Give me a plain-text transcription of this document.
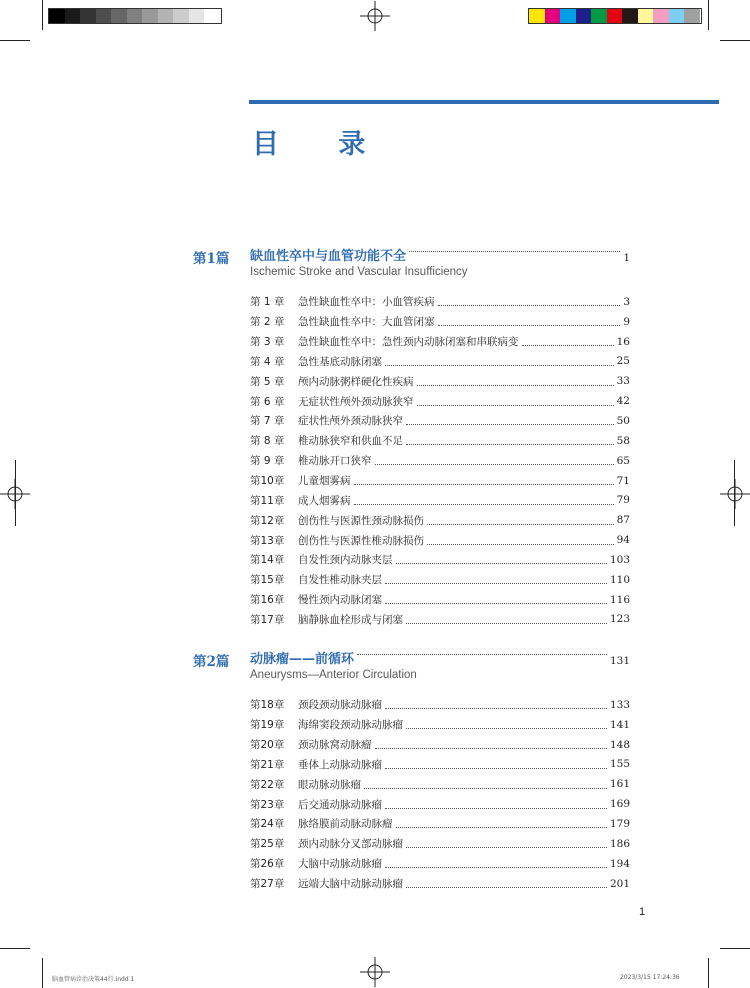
目 录
第1篇 缺血性卒中与血管功能不全	1
Ischemic Stroke and Vascular Insufficiency
第 1 章	急性缺血性卒中：小血管疾病	3
第 2 章	急性缺血性卒中：大血管闭塞	9
第 3 章	急性缺血性卒中：急性颈内动脉闭塞和串联病变	16
第 4 章	急性基底动脉闭塞	25
第 5 章	颅内动脉粥样硬化性疾病	33
第 6 章	无症状性颅外颈动脉狭窄	42
第 7 章	症状性颅外颈动脉狭窄	50
第 8 章	椎动脉狭窄和供血不足	58
第 9 章	椎动脉开口狭窄	65
第10章	儿童烟雾病	71
第11章	成人烟雾病	79
第12章	创伤性与医源性颈动脉损伤	87
第13章	创伤性与医源性椎动脉损伤	94
第14章	自发性颈内动脉夹层	103
第15章	自发性椎动脉夹层	110
第16章	慢性颈内动脉闭塞	116
第17章	脑静脉血栓形成与闭塞	123
第2篇 动脉瘤——前循环	131
Aneurysms—Anterior Circulation
第18章	颈段颈动脉动脉瘤	133
第19章	海绵窦段颈动脉动脉瘤	141
第20章	颈动脉窝动脉瘤	148
第21章	垂体上动脉动脉瘤	155
第22章	眼动脉动脉瘤	161
第23章	后交通动脉动脉瘤	169
第24章	脉络膜前动脉动脉瘤	179
第25章	颈内动脉分叉部动脉瘤	186
第26章	大脑中动脉动脉瘤	194
第27章	远端大脑中动脉动脉瘤	201
1
脑血管病诊治决策44行.indd 1	2023/3/15 17:24:36
